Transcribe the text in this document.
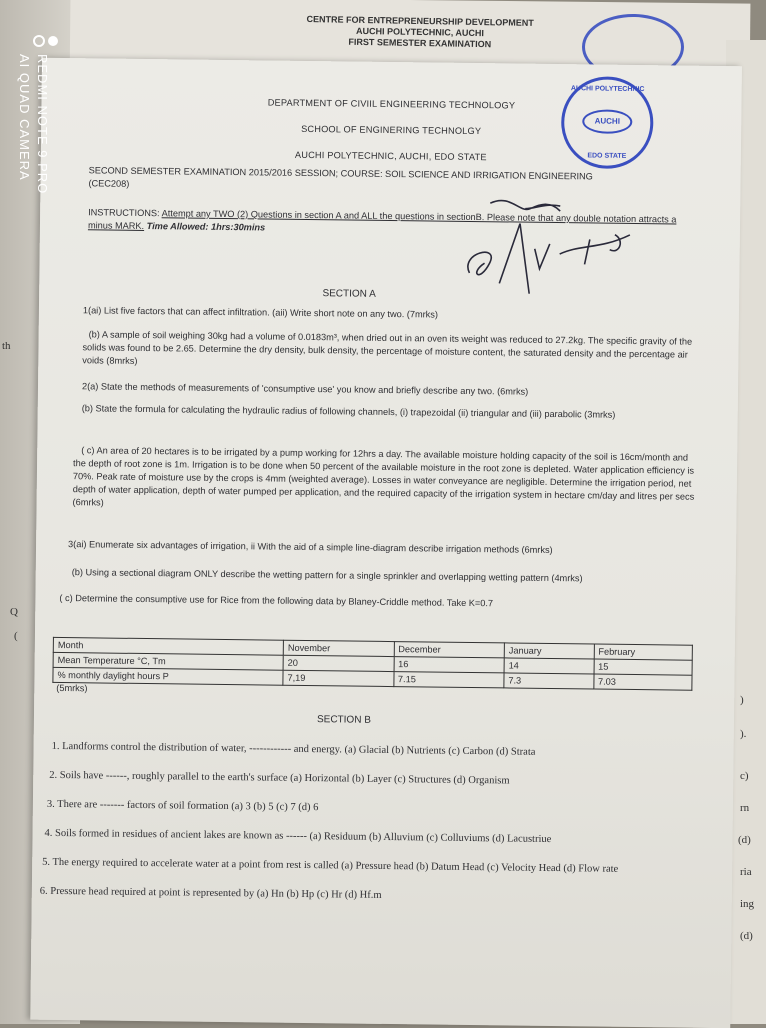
CENTRE FOR ENTREPRENEURSHIP DEVELOPMENT
AUCHI POLYTECHNIC, AUCHI
FIRST SEMESTER EXAMINATION
th
Q
(
)
).
c)
rn
(d)
ria
ing
(d)
DEPARTMENT OF CIVIIL ENGINEERING TECHNOLOGY
SCHOOL OF ENGINERING TECHNOLGY
AUCHI POLYTECHNIC, AUCHI, EDO STATE
AUCHI POLYTECHNIC
AUCHI
EDO STATE
SECOND SEMESTER EXAMINATION 2015/2016 SESSION; COURSE: SOIL SCIENCE AND IRRIGATION ENGINEERING
(CEC208)
INSTRUCTIONS: Attempt any TWO (2) Questions in section A and ALL the questions in sectionB. Please note that any double notation attracts a minus MARK. Time Allowed: 1hrs:30mins
SECTION A
1(ai) List five factors that can affect infiltration. (aii) Write short note on any two. (7mrks)
(b) A sample of soil weighing 30kg had a volume of 0.0183m³, when dried out in an oven its weight was reduced to 27.2kg. The specific gravity of the solids was found to be 2.65. Determine the dry density, bulk density, the percentage of moisture content, the saturated density and the percentage air voids (8mrks)
2(a) State the methods of measurements of 'consumptive use' you know and briefly describe any two. (6mrks)
(b) State the formula for calculating the hydraulic radius of following channels, (i) trapezoidal (ii) triangular and (iii) parabolic (3mrks)
( c) An area of 20 hectares is to be irrigated by a pump working for 12hrs a day. The available moisture holding capacity of the soil is 16cm/month and the depth of root zone is 1m. Irrigation is to be done when 50 percent of the available moisture in the root zone is depleted. Water application efficiency is 70%. Peak rate of moisture use by the crops is 4mm (weighted average). Losses in water conveyance are negligible. Determine the irrigation period, net depth of water application, depth of water pumped per application, and the required capacity of the irrigation system in hectare cm/day and litres per secs (6mrks)
3(ai) Enumerate six advantages of irrigation, ii With the aid of a simple line-diagram describe irrigation methods (6mrks)
(b) Using a sectional diagram ONLY describe the wetting pattern for a single sprinkler and overlapping wetting pattern (4mrks)
( c) Determine the consumptive use for Rice from the following data by Blaney-Criddle method. Take K=0.7
Month	November	December	January	February
Mean Temperature °C, Tm	20	16	14	15
% monthly daylight hours P	7,19	7.15	7.3	7.03
(5mrks)
SECTION B
1. Landforms control the distribution of water, ------------ and energy. (a) Glacial (b) Nutrients (c) Carbon (d) Strata
2. Soils have ------, roughly parallel to the earth's surface (a) Horizontal (b) Layer (c) Structures (d) Organism
3. There are ------- factors of soil formation (a) 3 (b) 5 (c) 7 (d) 6
4. Soils formed in residues of ancient lakes are known as ------ (a) Residuum (b) Alluvium (c) Colluviums (d) Lacustriue
5. The energy required to accelerate water at a point from rest is called (a) Pressure head (b) Datum Head (c) Velocity Head (d) Flow rate
6. Pressure head required at point is represented by (a) Hn (b) Hp (c) Hr (d) Hf.m
REDMI NOTE 9 PRO
AI QUAD CAMERA
